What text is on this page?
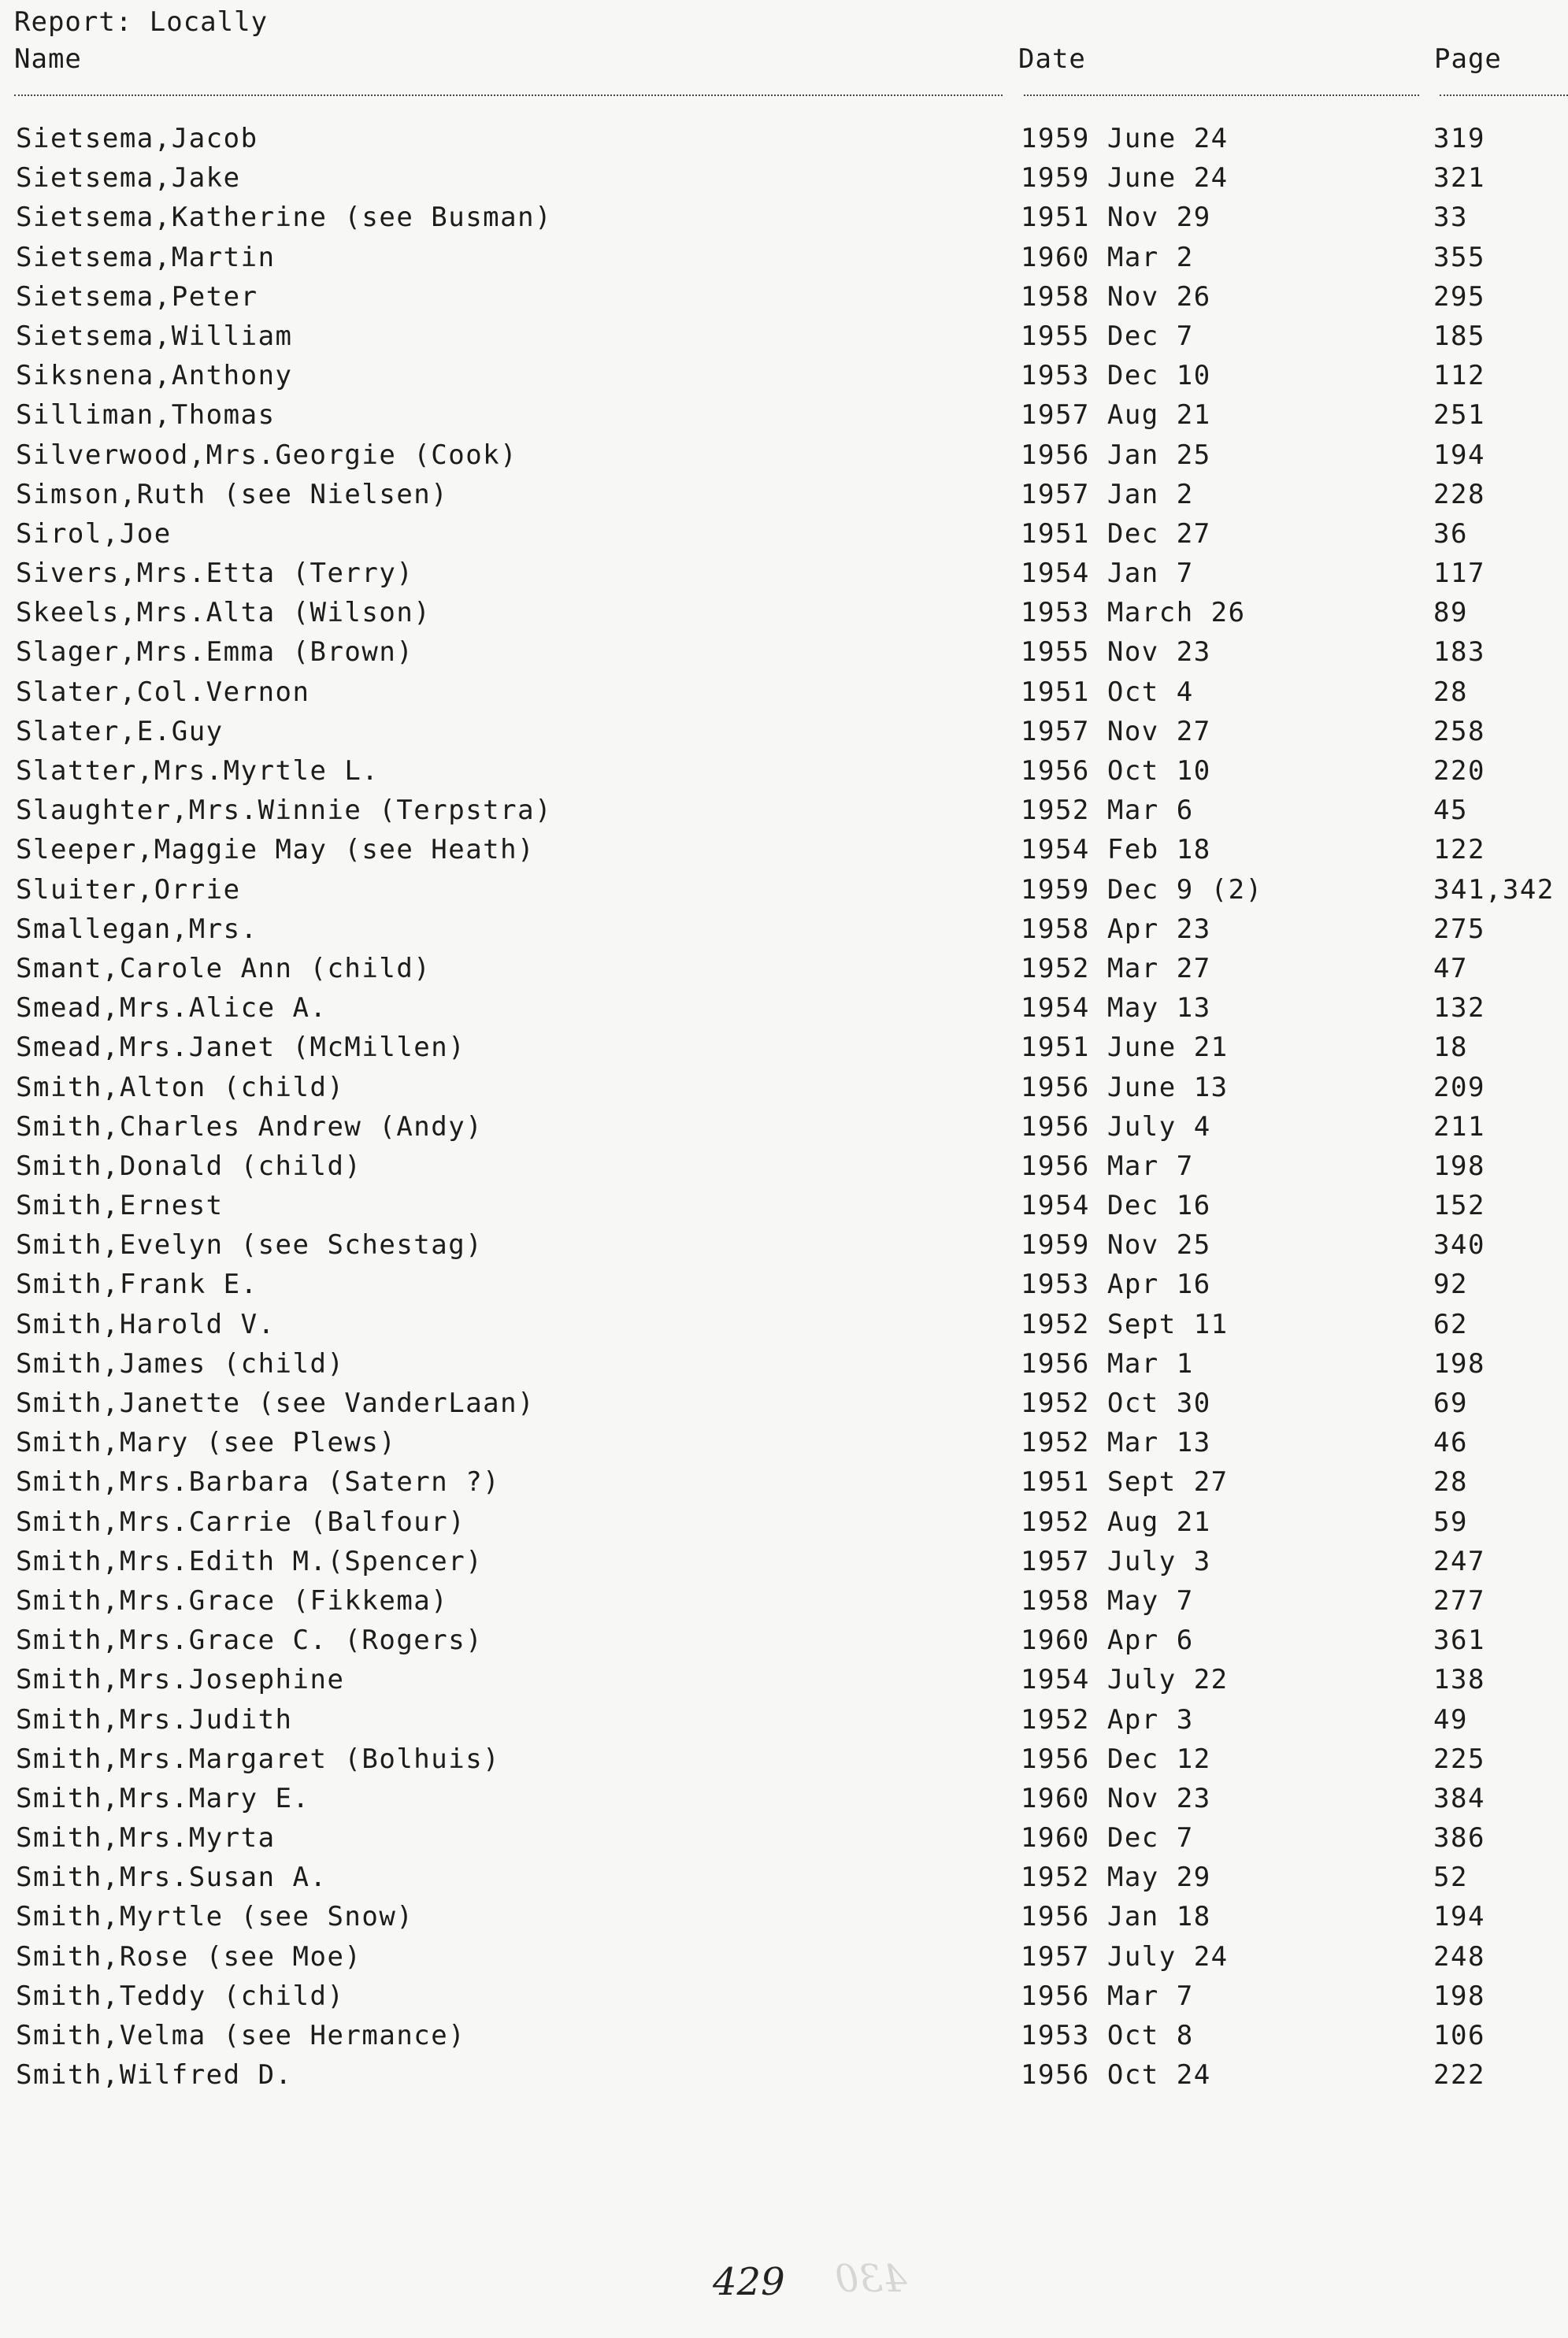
Report: Locally
Name	Date	Page
Sietsema,Jacob	1959 June 24	319
Sietsema,Jake	1959 June 24	321
Sietsema,Katherine (see Busman)	1951 Nov 29	33
Sietsema,Martin	1960 Mar 2	355
Sietsema,Peter	1958 Nov 26	295
Sietsema,William	1955 Dec 7	185
Siksnena,Anthony	1953 Dec 10	112
Silliman,Thomas	1957 Aug 21	251
Silverwood,Mrs.Georgie (Cook)	1956 Jan 25	194
Simson,Ruth (see Nielsen)	1957 Jan 2	228
Sirol,Joe	1951 Dec 27	36
Sivers,Mrs.Etta (Terry)	1954 Jan 7	117
Skeels,Mrs.Alta (Wilson)	1953 March 26	89
Slager,Mrs.Emma (Brown)	1955 Nov 23	183
Slater,Col.Vernon	1951 Oct 4	28
Slater,E.Guy	1957 Nov 27	258
Slatter,Mrs.Myrtle L.	1956 Oct 10	220
Slaughter,Mrs.Winnie (Terpstra)	1952 Mar 6	45
Sleeper,Maggie May (see Heath)	1954 Feb 18	122
Sluiter,Orrie	1959 Dec 9 (2)	341,342
Smallegan,Mrs.	1958 Apr 23	275
Smant,Carole Ann (child)	1952 Mar 27	47
Smead,Mrs.Alice A.	1954 May 13	132
Smead,Mrs.Janet (McMillen)	1951 June 21	18
Smith,Alton (child)	1956 June 13	209
Smith,Charles Andrew (Andy)	1956 July 4	211
Smith,Donald (child)	1956 Mar 7	198
Smith,Ernest	1954 Dec 16	152
Smith,Evelyn (see Schestag)	1959 Nov 25	340
Smith,Frank E.	1953 Apr 16	92
Smith,Harold V.	1952 Sept 11	62
Smith,James (child)	1956 Mar 1	198
Smith,Janette (see VanderLaan)	1952 Oct 30	69
Smith,Mary (see Plews)	1952 Mar 13	46
Smith,Mrs.Barbara (Satern ?)	1951 Sept 27	28
Smith,Mrs.Carrie (Balfour)	1952 Aug 21	59
Smith,Mrs.Edith M.(Spencer)	1957 July 3	247
Smith,Mrs.Grace (Fikkema)	1958 May 7	277
Smith,Mrs.Grace C. (Rogers)	1960 Apr 6	361
Smith,Mrs.Josephine	1954 July 22	138
Smith,Mrs.Judith	1952 Apr 3	49
Smith,Mrs.Margaret (Bolhuis)	1956 Dec 12	225
Smith,Mrs.Mary E.	1960 Nov 23	384
Smith,Mrs.Myrta	1960 Dec 7	386
Smith,Mrs.Susan A.	1952 May 29	52
Smith,Myrtle (see Snow)	1956 Jan 18	194
Smith,Rose (see Moe)	1957 July 24	248
Smith,Teddy (child)	1956 Mar 7	198
Smith,Velma (see Hermance)	1953 Oct 8	106
Smith,Wilfred D.	1956 Oct 24	222
429 430
